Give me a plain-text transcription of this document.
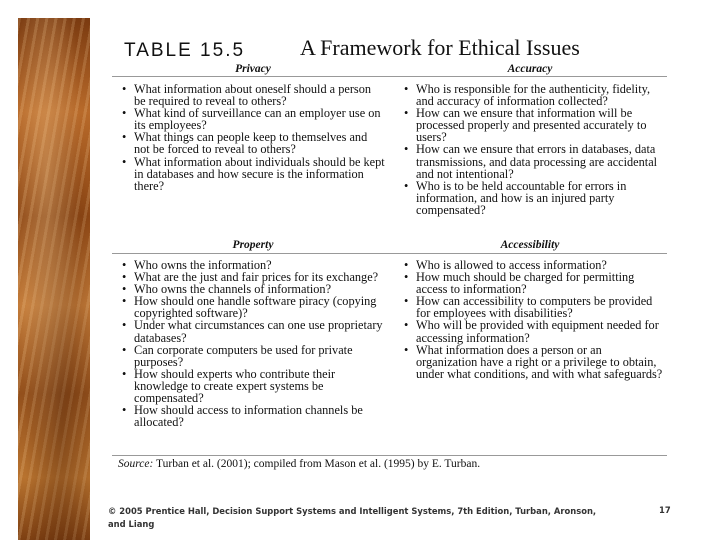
TABLE 15.5 A Framework for Ethical Issues
Privacy	Accuracy
• What information about oneself should a person be required to reveal to others?
• What kind of surveillance can an employer use on its employees?
• What things can people keep to themselves and not be forced to reveal to others?
• What information about individuals should be kept in databases and how secure is the information there?
• Who is responsible for the authenticity, fidelity, and accuracy of information collected?
• How can we ensure that information will be processed properly and presented accurately to users?
• How can we ensure that errors in databases, data transmissions, and data processing are accidental and not intentional?
• Who is to be held accountable for errors in information, and how is an injured party compensated?
Property	Accessibility
• Who owns the information?
• What are the just and fair prices for its exchange?
• Who owns the channels of information?
• How should one handle software piracy (copying copyrighted software)?
• Under what circumstances can one use proprietary databases?
• Can corporate computers be used for private purposes?
• How should experts who contribute their knowledge to create expert systems be compensated?
• How should access to information channels be allocated?
• Who is allowed to access information?
• How much should be charged for permitting access to information?
• How can accessibility to computers be provided for employees with disabilities?
• Who will be provided with equipment needed for accessing information?
• What information does a person or an organization have a right or a privilege to obtain, under what conditions, and with what safeguards?
Source: Turban et al. (2001); compiled from Mason et al. (1995) by E. Turban.
© 2005 Prentice Hall, Decision Support Systems and Intelligent Systems, 7th Edition, Turban, Aronson, and Liang
17
